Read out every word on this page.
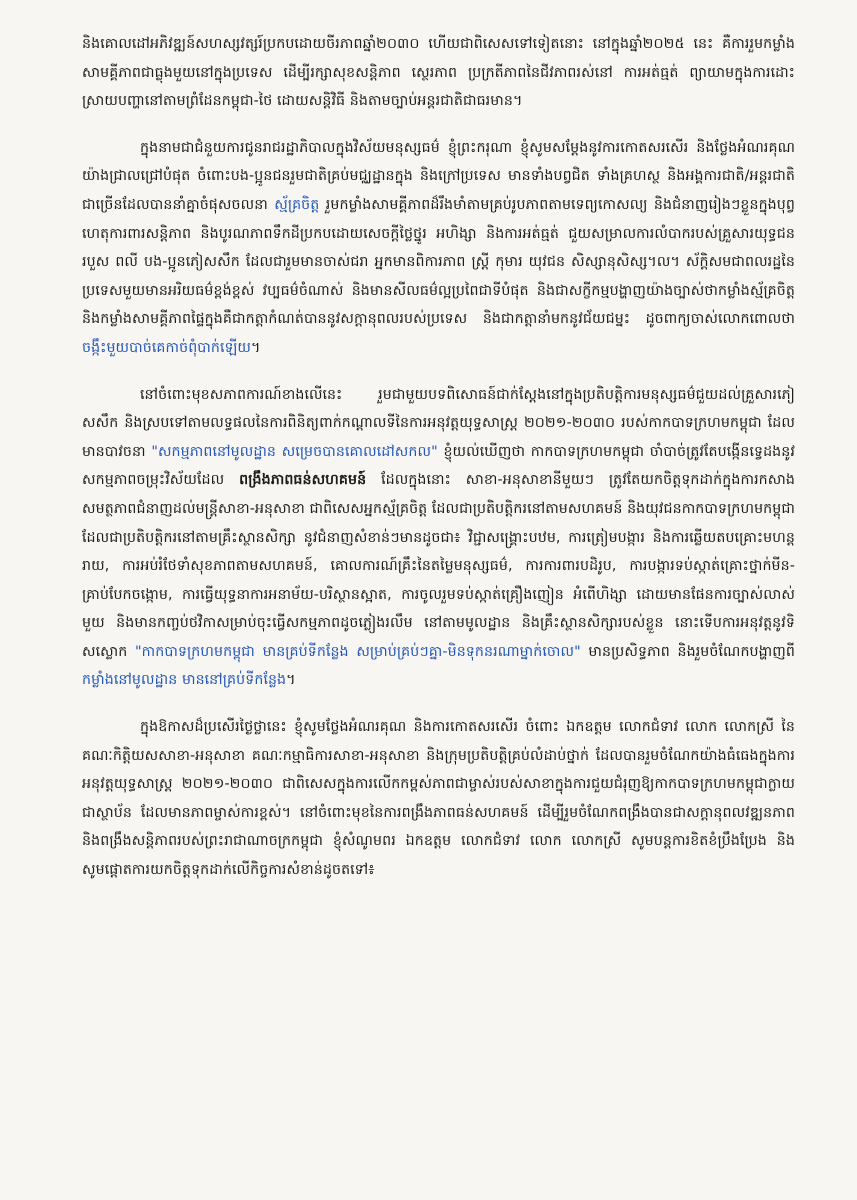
និងគោលដៅអភិវឌ្ឍន៍សហស្សវត្សរ៍ប្រកបដោយចីរភាពឆ្នាំ២០៣០ ហើយជាពិសេសទៅទៀតនោះ នៅក្នុងឆ្នាំ២០២៥ នេះ គឺការរួមកម្លាំងសាមគ្គីភាពជាធ្លុងមួយនៅក្នុងប្រទេស ដើម្បីរក្សាសុខសន្តិភាព ស្ថេរភាព ប្រក្រតីភាពនៃជីវភាពរស់នៅ ការអត់ធ្មត់ ព្យាយាមក្នុងការដោះស្រាយបញ្ហានៅតាមព្រំដែនកម្ពុជា-ថៃ ដោយសន្តិវិធី និងតាមច្បាប់អន្តរជាតិជាធរមាន។

ក្នុងនាមជាជំនួយការជូនរាជរដ្ឋាភិបាលក្នុងវិស័យមនុស្សធម៌ ខ្ញុំព្រះករុណា ខ្ញុំសូមសម្តែងនូវការកោតសរសើរ និងថ្លែងអំណរគុណយ៉ាងជ្រាលជ្រៅបំផុត ចំពោះបង-ប្អូនជនរួមជាតិគ្រប់មជ្ឈដ្ឋានក្នុង និងក្រៅប្រទេស មានទាំងបព្វជិត ទាំងគ្រហស្ថ និងអង្គការជាតិ/អន្តរជាតិជាច្រើនដែលបាននាំគ្នាចំផុសចលនា ស្ម័គ្រចិត្ត រួមកម្លាំងសាមគ្គីភាពដ៏រឹងមាំតាមគ្រប់រូបភាពតាមទេព្យកោសល្យ និងជំនាញរៀងៗខ្លួនក្នុងបុព្វហេតុការពារសន្តិភាព និងបូរណភាពទឹកដីប្រកបដោយសេចក្តីថ្លៃថ្នូរ អហិង្សា និងការអត់ធ្មត់ ជួយសម្រាលការលំបាករបស់គ្រួសារយុទ្ធជនរបួស ពលី បង-ប្អូនភៀសសឹក ដែលជារួមមានចាស់ជរា អ្នកមានពិការភាព ស្ត្រី កុមារ យុវជន សិស្សានុសិស្ស។ល។ ស័ក្តិសមជាពលរដ្ឋនៃប្រទេសមួយមានអរិយធម៌ខ្ពង់ខ្ពស់ វប្បធម៌ចំណាស់ និងមានសីលធម៌ល្អប្រពៃជាទីបំផុត និងជាសក្ខីកម្មបង្ហាញយ៉ាងច្បាស់ថាកម្លាំងស្ម័គ្រចិត្ត និងកម្លាំងសាមគ្គីភាពផ្ទៃក្នុងគឺជាកត្តាកំណត់បាននូវសក្តានុពលរបស់ប្រទេស និងជាកត្តានាំមកនូវជ័យជម្នះ ដូចពាក្យចាស់លោកពោលថា ចង្កឹះមួយបាច់គេកាច់ពុំបាក់ឡើយ។

នៅចំពោះមុខសភាពការណ៍ខាងលើនេះ រួមជាមួយបទពិសោធន៍ជាក់ស្តែងនៅក្នុងប្រតិបត្តិការមនុស្សធម៌ជួយដល់គ្រួសារភៀសសឹក និងស្របទៅតាមលទ្ធផលនៃការពិនិត្យពាក់កណ្តាលទីនៃការអនុវត្តយុទ្ធសាស្ត្រ ២០២១-២០៣០ របស់កាកបាទក្រហមកម្ពុជា ដែលមានបាវចនា "សកម្មភាពនៅមូលដ្ឋាន សម្រេចបានគោលដៅសកល" ខ្ញុំយល់ឃើញថា កាកបាទក្រហមកម្ពុជា ចាំបាច់ត្រូវតែបង្កើនទ្វេដងនូវសកម្មភាពចម្រុះវិស័យដែល ពង្រឹងភាពធន់សហគមន៍ ដែលក្នុងនោះ សាខា-អនុសាខានីមួយៗ ត្រូវតែយកចិត្តទុកដាក់ក្នុងការកសាងសមត្ថភាពជំនាញដល់មន្ត្រីសាខា-អនុសាខា ជាពិសេសអ្នកស្ម័គ្រចិត្ត ដែលជាប្រតិបត្តិករនៅតាមសហគមន៍ និងយុវជនកាកបាទក្រហមកម្ពុជាដែលជាប្រតិបត្តិករនៅតាមគ្រឹះស្ថានសិក្សា នូវជំនាញសំខាន់ៗមានដូចជា៖ វិជ្ជាសង្គ្រោះបឋម, ការត្រៀមបង្ការ និងការឆ្លើយតបគ្រោះមហន្តរាយ, ការអប់រំថែទាំសុខភាពតាមសហគមន៍, គោលការណ៍គ្រឹះនៃតម្លៃមនុស្សធម៌, ការការពារបដិរូប, ការបង្ការទប់ស្កាត់គ្រោះថ្នាក់មីន-គ្រាប់បែកចង្កោម, ការធ្វើយុទ្ធនាការអនាម័យ-បរិស្ថានស្អាត, ការចូលរួមទប់ស្កាត់គ្រឿងញៀន អំពើហិង្សា ដោយមានផែនការច្បាស់លាស់មួយ និងមានកញ្ចប់ថវិកាសម្រាប់ចុះធ្វើសកម្មភាពដូចភ្លៀងរលឹម នៅតាមមូលដ្ឋាន និងគ្រឹះស្ថានសិក្សារបស់ខ្លួន នោះទើបការអនុវត្តនូវទិសស្លោក "កាកបាទក្រហមកម្ពុជា មានគ្រប់ទីកន្លែង សម្រាប់គ្រប់ៗគ្នា-មិនទុកនរណាម្នាក់ចោល" មានប្រសិទ្ធភាព និងរួមចំណែកបង្ហាញពី កម្លាំងនៅមូលដ្ឋាន មាននៅគ្រប់ទីកន្លែង។

ក្នុងឱកាសដ៏ប្រសើរថ្ងៃថ្លានេះ ខ្ញុំសូមថ្លែងអំណរគុណ និងការកោតសរសើរ ចំពោះ ឯកឧត្តម លោកជំទាវ លោក លោកស្រី នៃគណៈកិត្តិយសសាខា-អនុសាខា គណៈកម្មាធិការសាខា-អនុសាខា និងក្រុមប្រតិបត្តិគ្រប់លំដាប់ថ្នាក់ ដែលបានរួមចំណែកយ៉ាងធំធេងក្នុងការអនុវត្តយុទ្ធសាស្ត្រ ២០២១-២០៣០ ជាពិសេសក្នុងការលើកកម្ពស់ភាពជាម្ចាស់របស់សាខាក្នុងការជួយជំរុញឱ្យកាកបាទក្រហមកម្ពុជាក្លាយជាស្ថាប័ន ដែលមានភាពម្ចាស់ការខ្ពស់។ នៅចំពោះមុខនៃការពង្រឹងភាពធន់សហគមន៍ ដើម្បីរួមចំណែកពង្រឹងបានជាសក្តានុពលវឌ្ឍនភាព និងពង្រឹងសន្តិភាពរបស់ព្រះរាជាណាចក្រកម្ពុជា ខ្ញុំសំណូមពរ ឯកឧត្តម លោកជំទាវ លោក លោកស្រី សូមបន្តការខិតខំប្រឹងប្រែង និងសូមផ្តោតការយកចិត្តទុកដាក់លើកិច្ចការសំខាន់ដូចតទៅ៖
